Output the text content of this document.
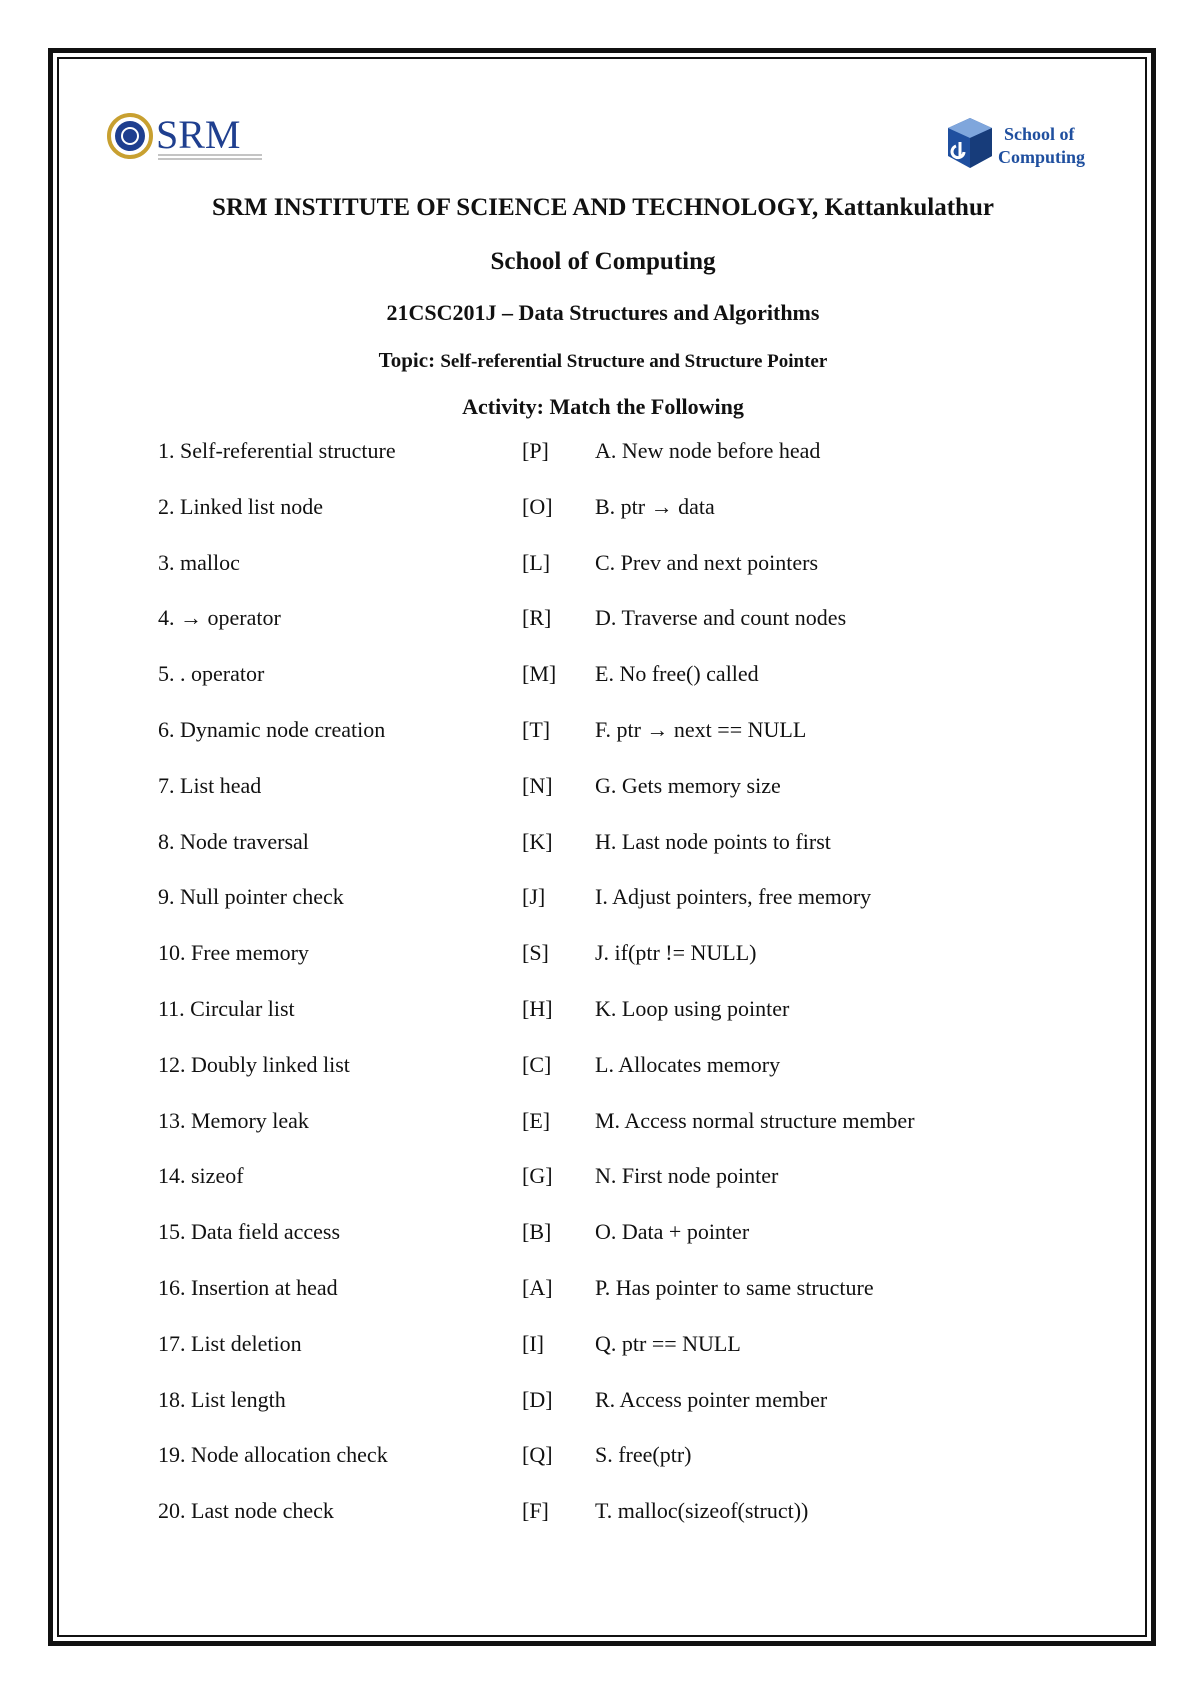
SRM	School of
Computing
SRM INSTITUTE OF SCIENCE AND TECHNOLOGY, Kattankulathur
School of Computing
21CSC201J – Data Structures and Algorithms
Topic: Self-referential Structure and Structure Pointer
Activity: Match the Following
1. Self-referential structure	[P] A. New node before head
2. Linked list node	[O] B. ptr → data
3. malloc	[L] C. Prev and next pointers
4. → operator	[R] D. Traverse and count nodes
5. . operator	[M] E. No free() called
6. Dynamic node creation	[T] F. ptr → next == NULL
7. List head	[N] G. Gets memory size
8. Node traversal	[K] H. Last node points to first
9. Null pointer check	[J] I. Adjust pointers, free memory
10. Free memory	[S] J. if(ptr != NULL)
11. Circular list	[H] K. Loop using pointer
12. Doubly linked list	[C] L. Allocates memory
13. Memory leak	[E] M. Access normal structure member
14. sizeof	[G] N. First node pointer
15. Data field access	[B] O. Data + pointer
16. Insertion at head	[A] P. Has pointer to same structure
17. List deletion	[I] Q. ptr == NULL
18. List length	[D] R. Access pointer member
19. Node allocation check	[Q] S. free(ptr)
20. Last node check	[F] T. malloc(sizeof(struct))
